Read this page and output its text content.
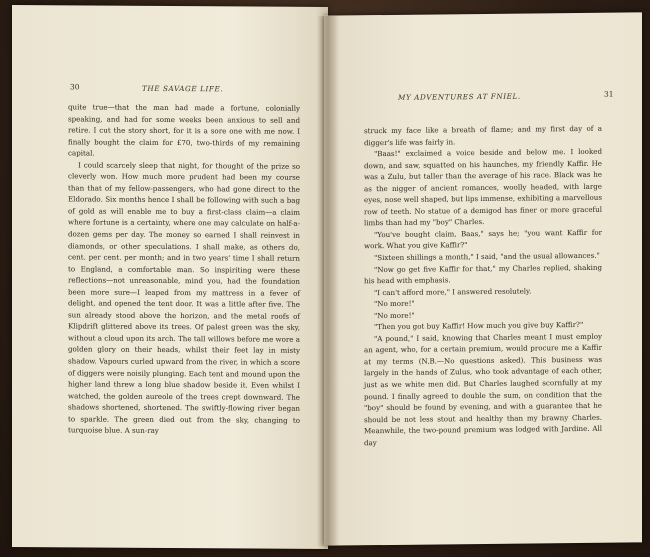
30	THE SAVAGE LIFE.

quite true—that the man had made a fortune, colonially speaking, and had for some weeks been anxious to sell and retire. I cut the story short, for it is a sore one with me now. I finally bought the claim for £70, two-thirds of my remaining capital.

I could scarcely sleep that night, for thought of the prize so cleverly won. How much more prudent had been my course than that of my fellow-passengers, who had gone direct to the Eldorado. Six months hence I shall be following with such a bag of gold as will enable me to buy a first-class claim—a claim where fortune is a certainty, where one may calculate on half-a-dozen gems per day. The money so earned I shall reinvest in diamonds, or other speculations. I shall make, as others do, cent. per cent. per month; and in two years' time I shall return to England, a comfortable man. So inspiriting were these reflections—not unreasonable, mind you, had the foundation been more sure—I leaped from my mattress in a fever of delight, and opened the tent door. It was a little after five. The sun already stood above the horizon, and the metal roofs of Klipdrift glittered above its trees. Of palest green was the sky, without a cloud upon its arch. The tall willows before me wore a golden glory on their heads, whilst their feet lay in misty shadow. Vapours curled upward from the river, in which a score of diggers were noisily plunging. Each tent and mound upon the higher land threw a long blue shadow beside it. Even whilst I watched, the golden aureole of the trees crept downward. The shadows shortened, shortened. The swiftly-flowing river began to sparkle. The green died out from the sky, changing to turquoise blue. A sun-ray

31
MY ADVENTURES AT FNIEL.

struck my face like a breath of flame; and my first day of a digger's life was fairly in.

"Baas!" exclaimed a voice beside and below me. I looked down, and saw, squatted on his haunches, my friendly Kaffir. He was a Zulu, but taller than the average of his race. Black was he as the nigger of ancient romances, woolly headed, with large eyes, nose well shaped, but lips immense, exhibiting a marvellous row of teeth. No statue of a demigod has finer or more graceful limbs than had my "boy" Charles.

"You've bought claim, Baas," says he; "you want Kaffir for work. What you give Kaffir?"

"Sixteen shillings a month," I said, "and the usual allowances."

"Now go get five Kaffir for that," my Charles replied, shaking his head with emphasis.

"I can't afford more," I answered resolutely.

"No more!"

"No more!"

"Then you got buy Kaffir! How much you give buy Kaffir?"

"A pound," I said, knowing that Charles meant I must employ an agent, who, for a certain premium, would procure me a Kaffir at my terms (N.B.—No questions asked). This business was largely in the hands of Zulus, who took advantage of each other, just as we white men did. But Charles laughed scornfully at my pound. I finally agreed to double the sum, on condition that the "boy" should be found by evening, and with a guarantee that he should be not less stout and healthy than my brawny Charles. Meanwhile, the two-pound premium was lodged with Jardine. All day
